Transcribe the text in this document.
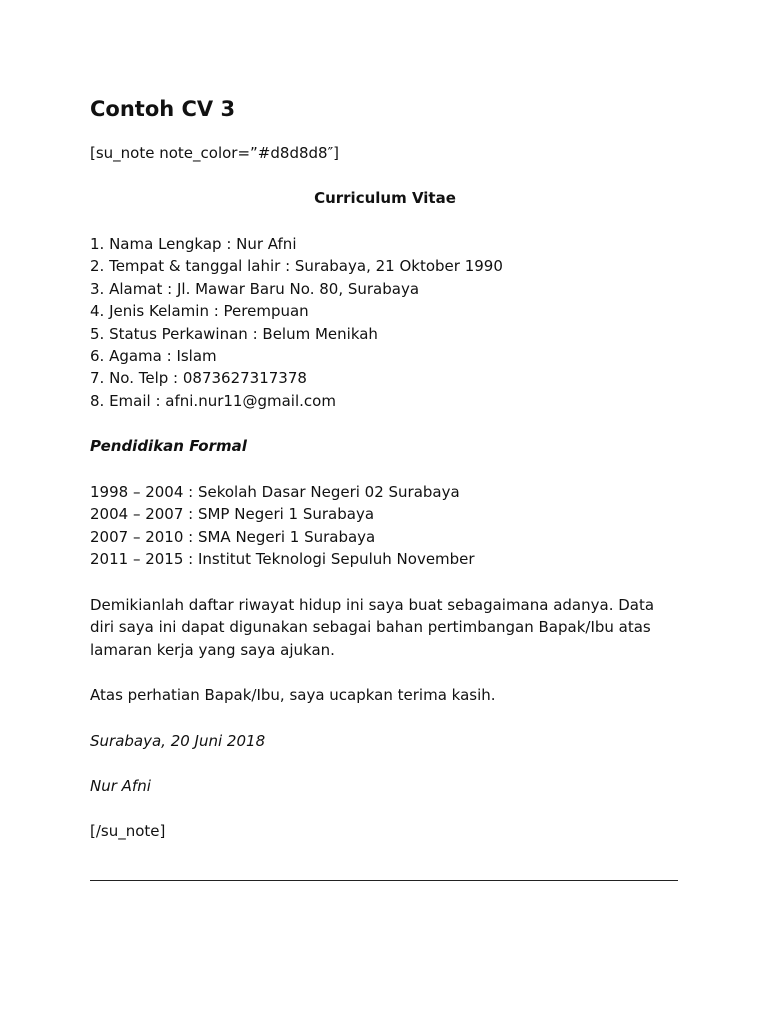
Contoh CV 3
[su_note note_color=”#d8d8d8″]
Curriculum Vitae
1. Nama Lengkap : Nur Afni
2. Tempat & tanggal lahir : Surabaya, 21 Oktober 1990
3. Alamat : Jl. Mawar Baru No. 80, Surabaya
4. Jenis Kelamin : Perempuan
5. Status Perkawinan : Belum Menikah
6. Agama : Islam
7. No. Telp : 0873627317378
8. Email : afni.nur11@gmail.com
Pendidikan Formal
1998 – 2004 : Sekolah Dasar Negeri 02 Surabaya
2004 – 2007 : SMP Negeri 1 Surabaya
2007 – 2010 : SMA Negeri 1 Surabaya
2011 – 2015 : Institut Teknologi Sepuluh November

Demikianlah daftar riwayat hidup ini saya buat sebagaimana adanya. Data diri saya ini dapat digunakan sebagai bahan pertimbangan Bapak/Ibu atas lamaran kerja yang saya ajukan.

Atas perhatian Bapak/Ibu, saya ucapkan terima kasih.
Surabaya, 20 Juni 2018
Nur Afni
[/su_note]
